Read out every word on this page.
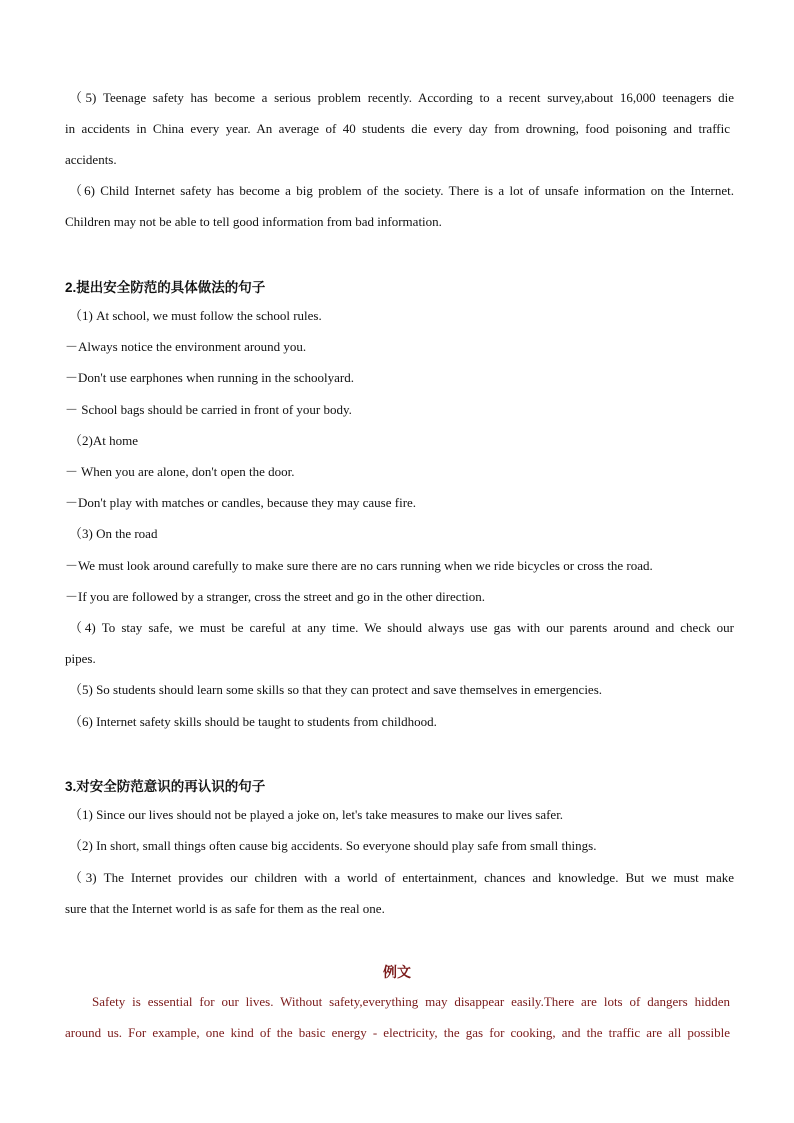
（5) Teenage safety has become a serious problem recently. According to a recent survey,about 16,000 teenagers die
in accidents in China every year. An average of 40 students die every day from drowning, food poisoning and traffic
accidents.
（6) Child Internet safety has become a big problem of the society. There is a lot of unsafe information on the Internet.
Children may not be able to tell good information from bad information.
2.提出安全防范的具体做法的句子
（1) At school, we must follow the school rules.
－Always notice the environment around you.
－Don't use earphones when running in the schoolyard.
－ School bags should be carried in front of your body.
（2)At home
－ When you are alone, don't open the door.
－Don't play with matches or candles, because they may cause fire.
（3) On the road
－We must look around carefully to make sure there are no cars running when we ride bicycles or cross the road.
－If you are followed by a stranger, cross the street and go in the other direction.
（4) To stay safe, we must be careful at any time. We should always use gas with our parents around and check our
pipes.
（5) So students should learn some skills so that they can protect and save themselves in emergencies.
（6) Internet safety skills should be taught to students from childhood.
3.对安全防范意识的再认识的句子
（1) Since our lives should not be played a joke on, let's take measures to make our lives safer.
（2) In short, small things often cause big accidents. So everyone should play safe from small things.
（3) The Internet provides our children with a world of entertainment, chances and knowledge. But we must make
sure that the Internet world is as safe for them as the real one.
例文
Safety is essential for our lives. Without safety,everything may disappear easily.There are lots of dangers hidden
around us. For example, one kind of the basic energy - electricity, the gas for cooking, and the traffic are all possible
